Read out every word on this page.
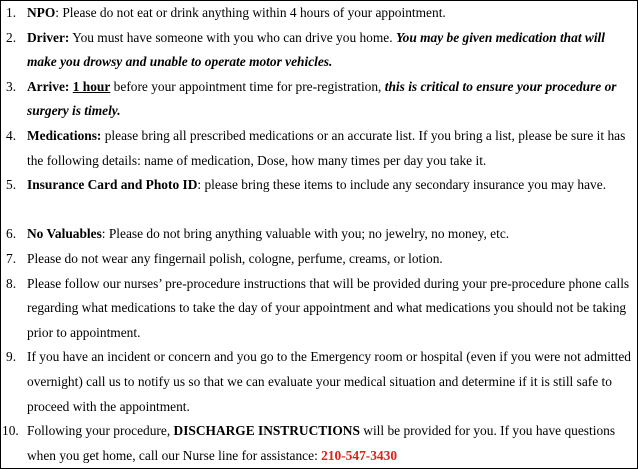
1. NPO: Please do not eat or drink anything within 4 hours of your appointment.
2. Driver: You must have someone with you who can drive you home. You may be given medication that will make you drowsy and unable to operate motor vehicles.
3. Arrive: 1 hour before your appointment time for pre-registration, this is critical to ensure your procedure or surgery is timely.
4. Medications: please bring all prescribed medications or an accurate list. If you bring a list, please be sure it has the following details: name of medication, Dose, how many times per day you take it.
5. Insurance Card and Photo ID: please bring these items to include any secondary insurance you may have.
6. No Valuables: Please do not bring anything valuable with you; no jewelry, no money, etc.
7. Please do not wear any fingernail polish, cologne, perfume, creams, or lotion.
8. Please follow our nurses’ pre-procedure instructions that will be provided during your pre-procedure phone calls regarding what medications to take the day of your appointment and what medications you should not be taking prior to appointment.
9. If you have an incident or concern and you go to the Emergency room or hospital (even if you were not admitted overnight) call us to notify us so that we can evaluate your medical situation and determine if it is still safe to proceed with the appointment.
10. Following your procedure, DISCHARGE INSTRUCTIONS will be provided for you. If you have questions when you get home, call our Nurse line for assistance: 210-547-3430
